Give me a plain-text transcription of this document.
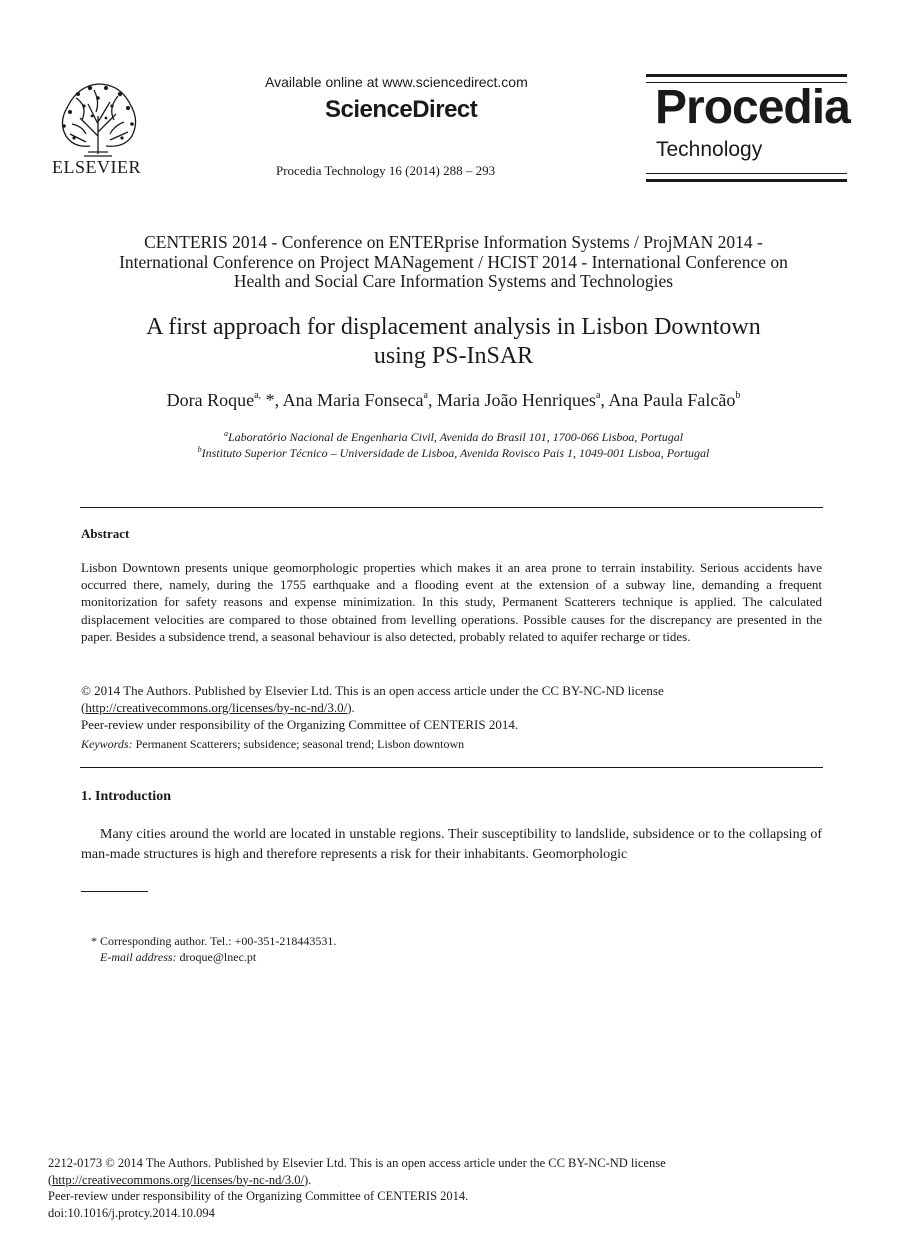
ELSEVIER
Available online at www.sciencedirect.com
ScienceDirect
Procedia Technology 16 (2014) 288 – 293
Procedia
Technology
CENTERIS 2014 - Conference on ENTERprise Information Systems / ProjMAN 2014 -
International Conference on Project MANagement / HCIST 2014 - International Conference on
Health and Social Care Information Systems and Technologies
A first approach for displacement analysis in Lisbon Downtown
using PS-InSAR
Dora Roque$^{a,}$ *, Ana Maria Fonseca$^a$, Maria João Henriques$^a$, Ana Paula Falcão$^b$
$^a$Laboratório Nacional de Engenharia Civil, Avenida do Brasil 101, 1700-066 Lisboa, Portugal
$^b$Instituto Superior Técnico – Universidade de Lisboa, Avenida Rovisco Pais 1, 1049-001 Lisboa, Portugal
Abstract
Lisbon Downtown presents unique geomorphologic properties which makes it an area prone to terrain instability. Serious accidents have occurred there, namely, during the 1755 earthquake and a flooding event at the extension of a subway line, demanding a frequent monitorization for safety reasons and expense minimization. In this study, Permanent Scatterers technique is applied. The calculated displacement velocities are compared to those obtained from levelling operations. Possible causes for the discrepancy are presented in the paper. Besides a subsidence trend, a seasonal behaviour is also detected, probably related to aquifer recharge or tides.
© 2014 The Authors. Published by Elsevier Ltd. This is an open access article under the CC BY-NC-ND license
(http://creativecommons.org/licenses/by-nc-nd/3.0/).
Peer-review under responsibility of the Organizing Committee of CENTERIS 2014.
Keywords: Permanent Scatterers; subsidence; seasonal trend; Lisbon downtown
1. Introduction
Many cities around the world are located in unstable regions. Their susceptibility to landslide, subsidence or to the collapsing of man-made structures is high and therefore represents a risk for their inhabitants. Geomorphologic
* Corresponding author. Tel.: +00-351-218443531.
E-mail address: droque@lnec.pt
2212-0173 © 2014 The Authors. Published by Elsevier Ltd. This is an open access article under the CC BY-NC-ND license
(http://creativecommons.org/licenses/by-nc-nd/3.0/).
Peer-review under responsibility of the Organizing Committee of CENTERIS 2014.
doi:10.1016/j.protcy.2014.10.094
